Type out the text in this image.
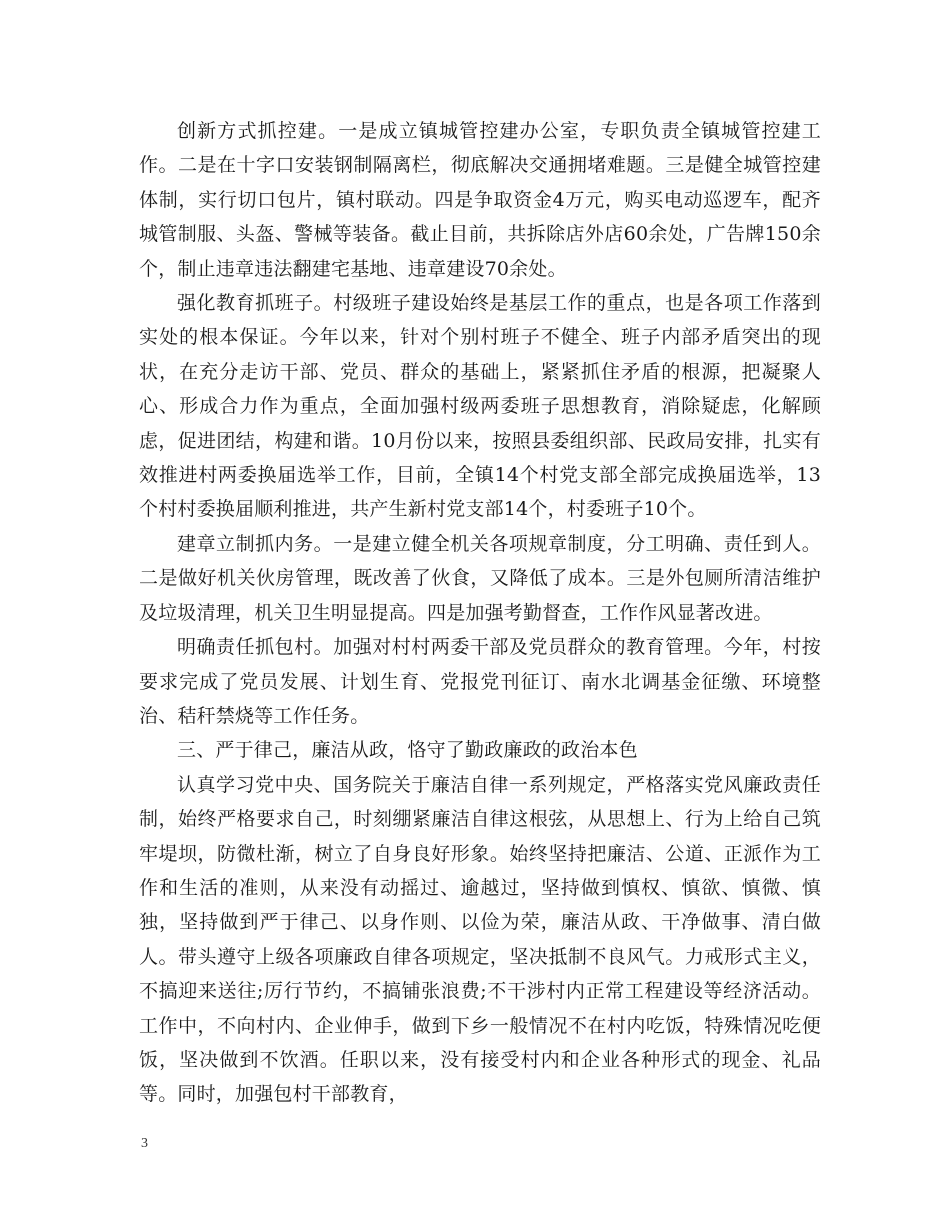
创新方式抓控建。一是成立镇城管控建办公室，专职负责全镇城管控建工作。二是在十字口安装钢制隔离栏，彻底解决交通拥堵难题。三是健全城管控建体制，实行切口包片，镇村联动。四是争取资金4万元，购买电动巡逻车，配齐城管制服、头盔、警械等装备。截止目前，共拆除店外店60余处，广告牌150余个，制止违章违法翻建宅基地、违章建设70余处。

强化教育抓班子。村级班子建设始终是基层工作的重点，也是各项工作落到实处的根本保证。今年以来，针对个别村班子不健全、班子内部矛盾突出的现状，在充分走访干部、党员、群众的基础上，紧紧抓住矛盾的根源，把凝聚人心、形成合力作为重点，全面加强村级两委班子思想教育，消除疑虑，化解顾虑，促进团结，构建和谐。10月份以来，按照县委组织部、民政局安排，扎实有效推进村两委换届选举工作，目前，全镇14个村党支部全部完成换届选举，13个村村委换届顺利推进，共产生新村党支部14个，村委班子10个。

建章立制抓内务。一是建立健全机关各项规章制度，分工明确、责任到人。二是做好机关伙房管理，既改善了伙食，又降低了成本。三是外包厕所清洁维护及垃圾清理，机关卫生明显提高。四是加强考勤督查，工作作风显著改进。

明确责任抓包村。加强对村村两委干部及党员群众的教育管理。今年，村按要求完成了党员发展、计划生育、党报党刊征订、南水北调基金征缴、环境整治、秸秆禁烧等工作任务。

三、严于律己，廉洁从政，恪守了勤政廉政的政治本色

认真学习党中央、国务院关于廉洁自律一系列规定，严格落实党风廉政责任制，始终严格要求自己，时刻绷紧廉洁自律这根弦，从思想上、行为上给自己筑牢堤坝，防微杜渐，树立了自身良好形象。始终坚持把廉洁、公道、正派作为工作和生活的准则，从来没有动摇过、逾越过，坚持做到慎权、慎欲、慎微、慎独，坚持做到严于律己、以身作则、以俭为荣，廉洁从政、干净做事、清白做人。带头遵守上级各项廉政自律各项规定，坚决抵制不良风气。力戒形式主义，不搞迎来送往;厉行节约，不搞铺张浪费;不干涉村内正常工程建设等经济活动。工作中，不向村内、企业伸手，做到下乡一般情况不在村内吃饭，特殊情况吃便饭，坚决做到不饮酒。任职以来，没有接受村内和企业各种形式的现金、礼品等。同时，加强包村干部教育，

3
